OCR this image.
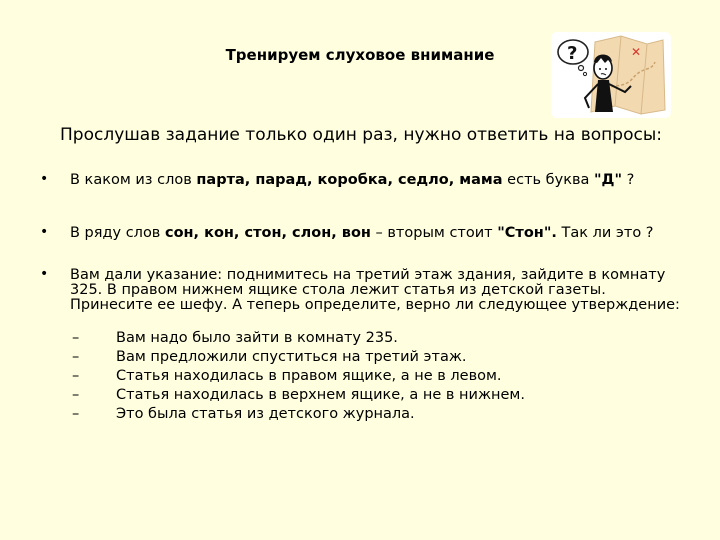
Тренируем слуховое внимание	✕
?
Прослушав задание только один раз, нужно ответить на вопросы:
• В каком из слов парта, парад, коробка, седло, мама есть буква "Д" ?
• В ряду слов сон, кон, стон, слон, вон – вторым стоит "Стон". Так ли это ?
• Вам дали указание: поднимитесь на третий этаж здания, зайдите в комнату 325. В правом нижнем ящике стола лежит статья из детской газеты. Принесите ее шефу. А теперь определите, верно ли следующее утверждение:
–	Вам надо было зайти в комнату 235.
–	Вам предложили спуститься на третий этаж.
–	Статья находилась в правом ящике, а не в левом.
–	Статья находилась в верхнем ящике, а не в нижнем.
–	Это была статья из детского журнала.
